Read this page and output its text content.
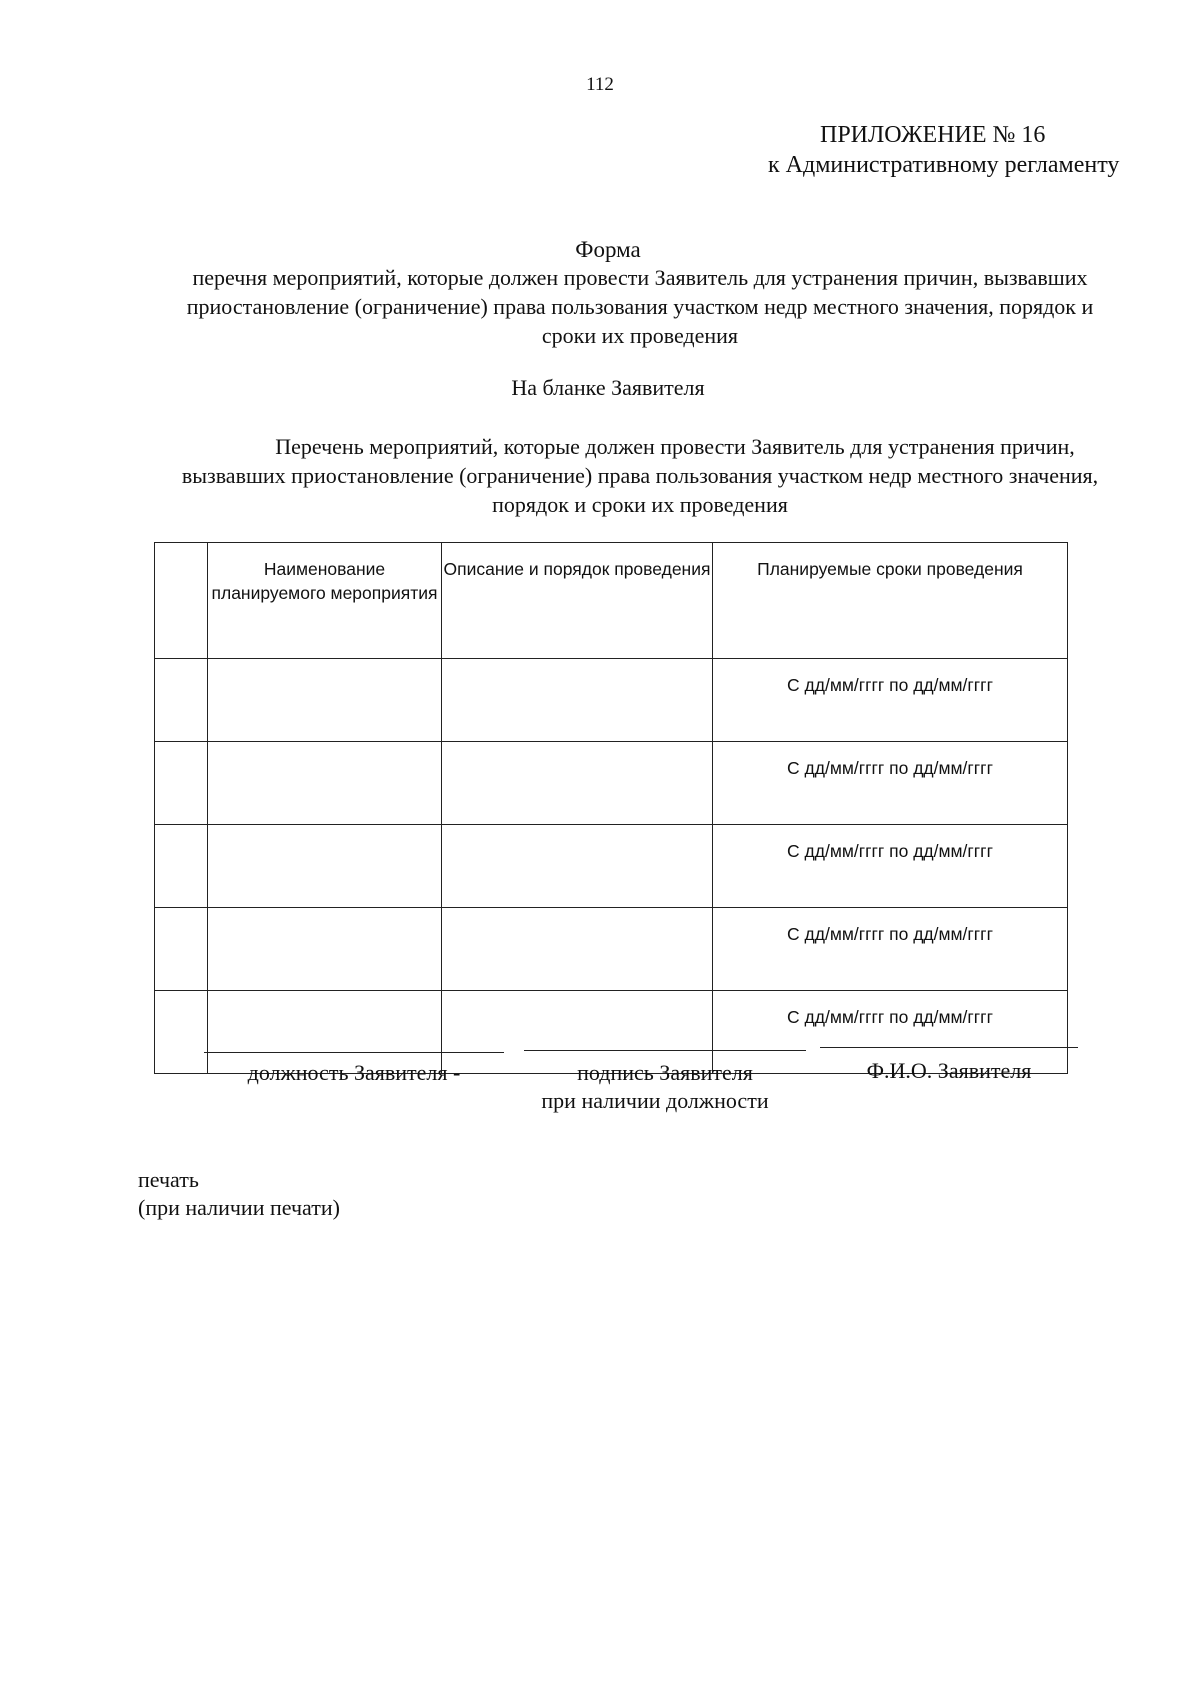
112
ПРИЛОЖЕНИЕ № 16
к Административному регламенту
Форма
перечня мероприятий, которые должен провести Заявитель для устранения причин, вызвавших приостановление (ограничение) права пользования участком недр местного значения, порядок и сроки их проведения
На бланке Заявителя
Перечень мероприятий, которые должен провести Заявитель для устранения причин, вызвавших приостановление (ограничение) права пользования участком недр местного значения, порядок и сроки их проведения

	Наименование планируемого мероприятия	Описание и порядок проведения	Планируемые сроки проведения

			С дд/мм/гггг по дд/мм/гггг
			С дд/мм/гггг по дд/мм/гггг
			С дд/мм/гггг по дд/мм/гггг
			С дд/мм/гггг по дд/мм/гггг
			С дд/мм/гггг по дд/мм/гггг
должность Заявителя -	подпись Заявителя
при наличии должности
Ф.И.О. Заявителя
печать
(при наличии печати)
